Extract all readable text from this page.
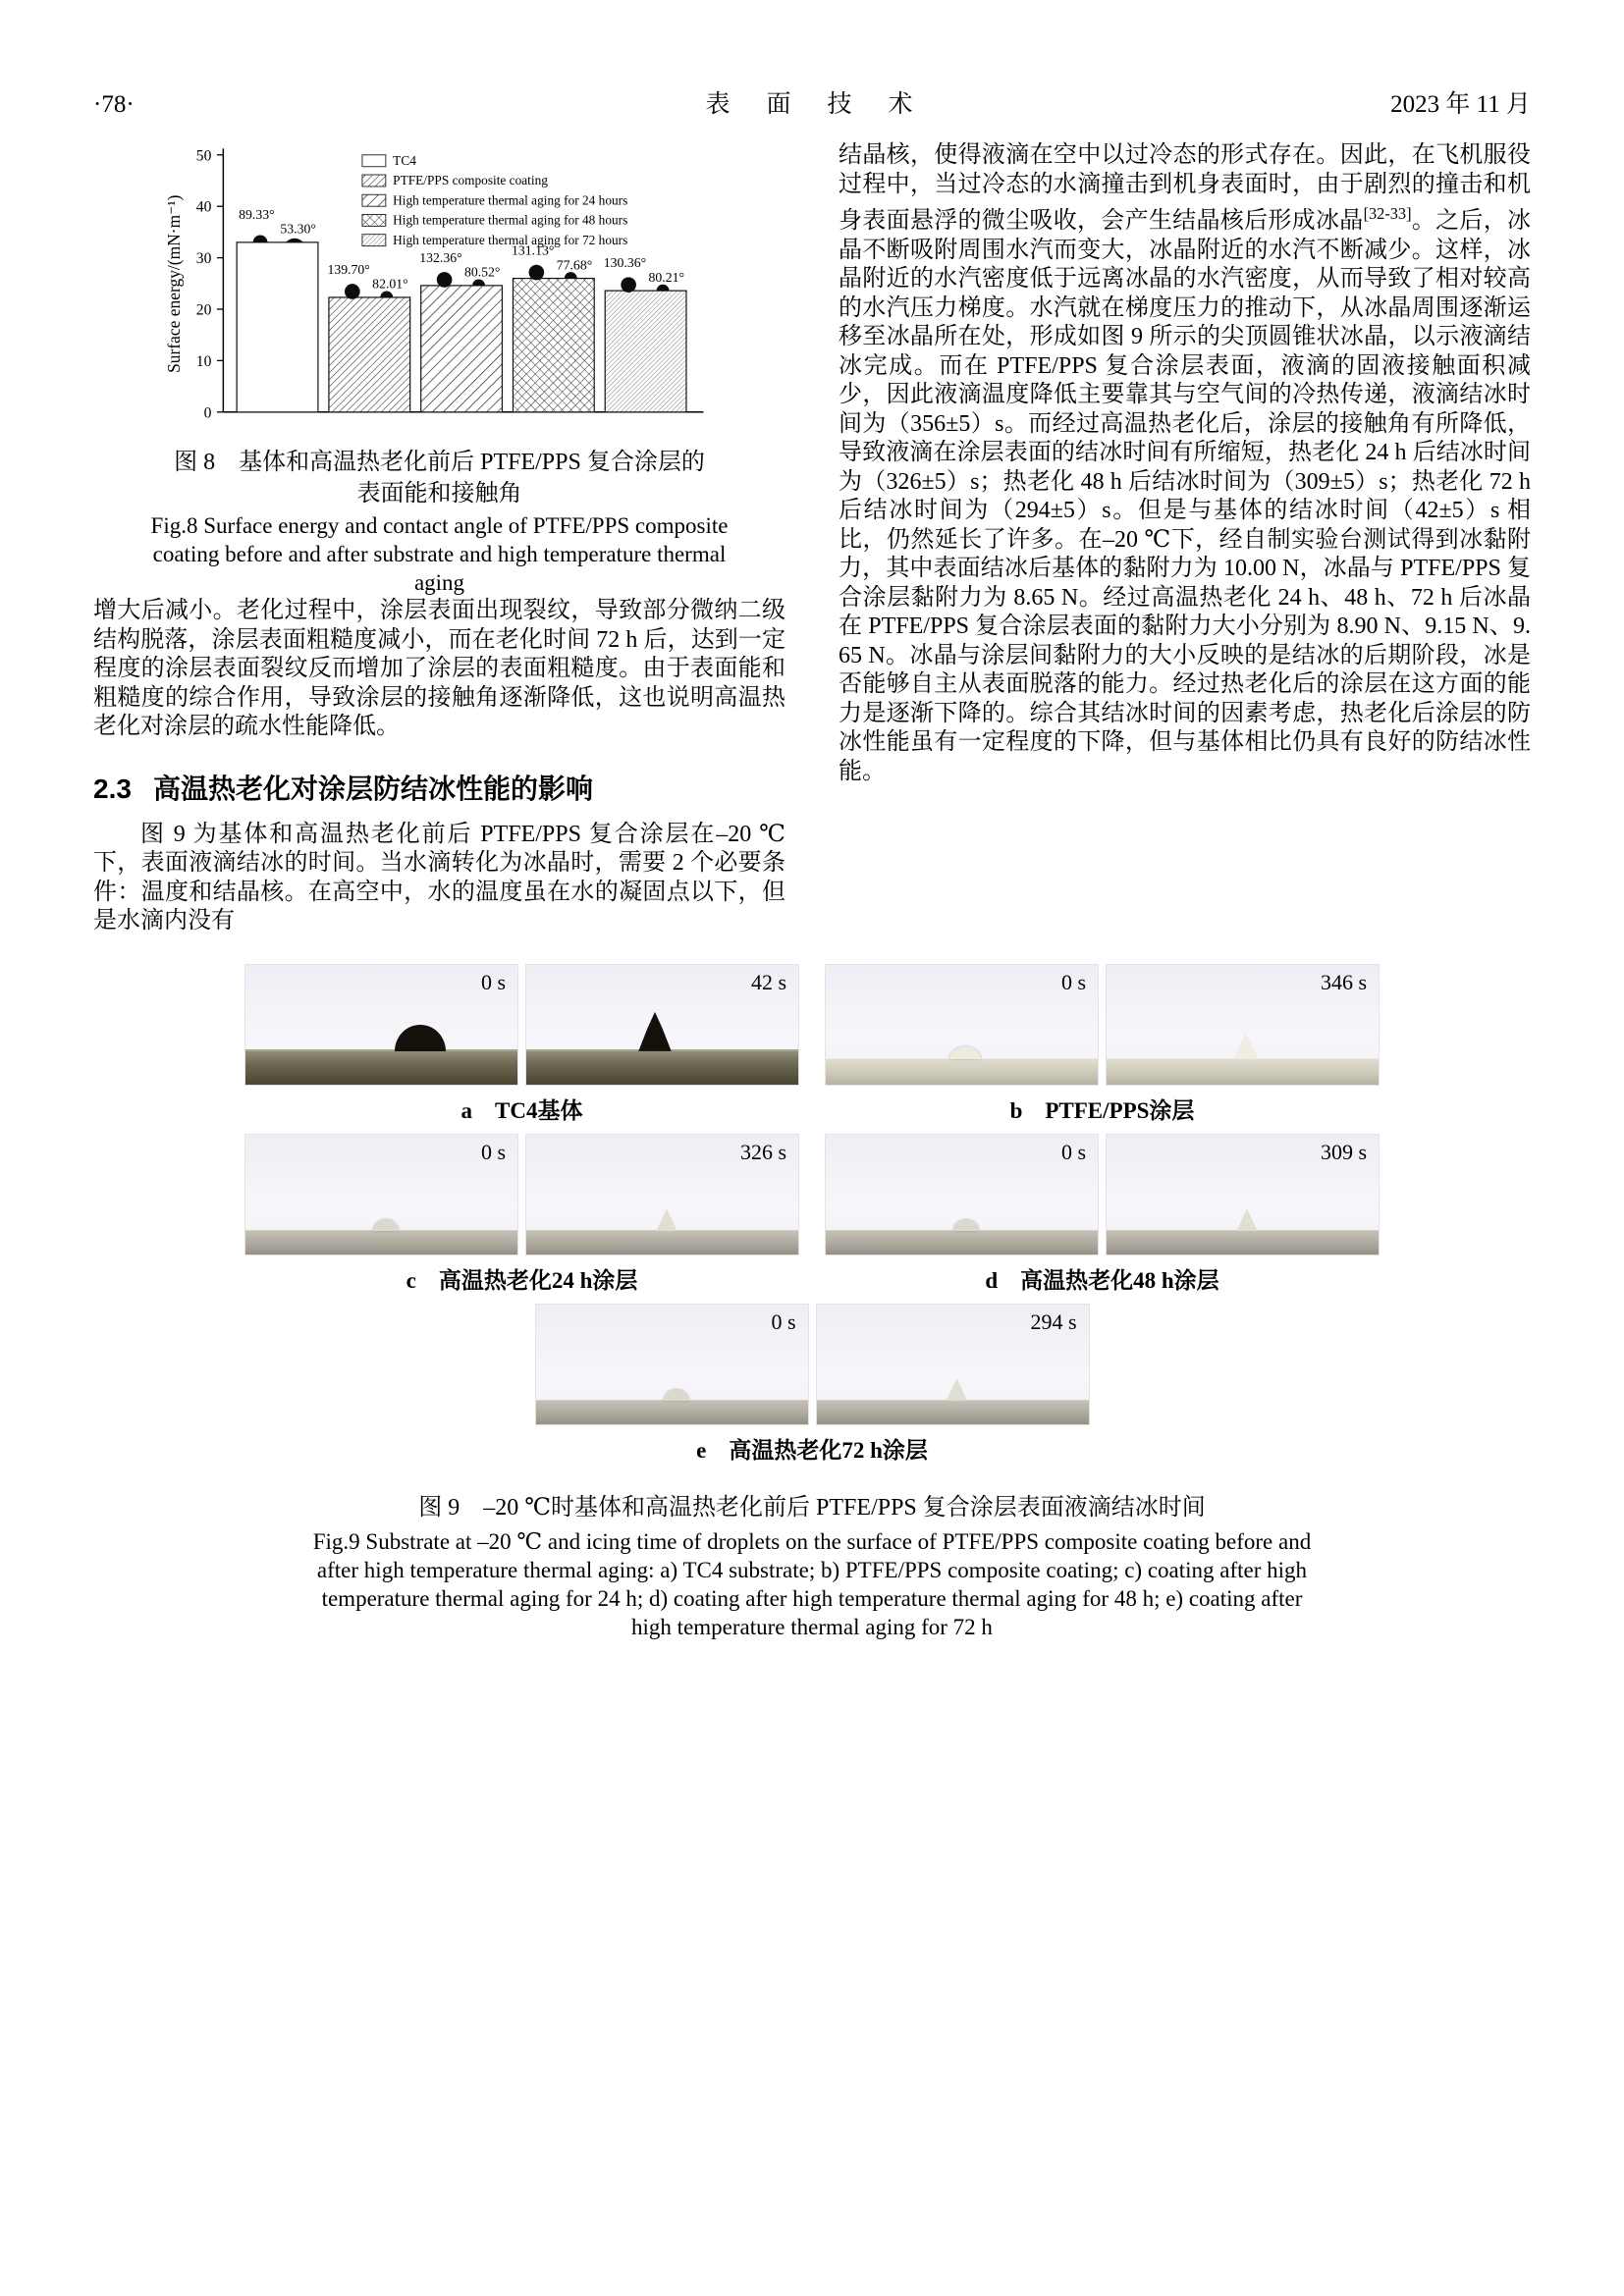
·78·	表　面　技　术	2023 年 11 月
0
10
20
30
40
50
Surface energy/(mN·m⁻¹)	89.33°
53.30°
139.70°
82.01°
132.36°
80.52°
131.13°
77.68° 130.36°
80.21°
TC4
PTFE/PPS composite coating
High temperature thermal aging for 24 hours
High temperature thermal aging for 48 hours
High temperature thermal aging for 72 hours
图 8　基体和高温热老化前后 PTFE/PPS 复合涂层的表面能和接触角
Fig.8 Surface energy and contact angle of PTFE/PPS composite coating before and after substrate and high temperature thermal aging

增大后减小。老化过程中，涂层表面出现裂纹，导致部分微纳二级结构脱落，涂层表面粗糙度减小，而在老化时间 72 h 后，达到一定程度的涂层表面裂纹反而增加了涂层的表面粗糙度。由于表面能和粗糙度的综合作用，导致涂层的接触角逐渐降低，这也说明高温热老化对涂层的疏水性能降低。

2.3 高温热老化对涂层防结冰性能的影响

图 9 为基体和高温热老化前后 PTFE/PPS 复合涂层在–20 ℃下，表面液滴结冰的时间。当水滴转化为冰晶时，需要 2 个必要条件：温度和结晶核。在高空中，水的温度虽在水的凝固点以下，但是水滴内没有

结晶核，使得液滴在空中以过冷态的形式存在。因此，在飞机服役过程中，当过冷态的水滴撞击到机身表面时，由于剧烈的撞击和机身表面悬浮的微尘吸收，会产生结晶核后形成冰晶[32-33]。之后，冰晶不断吸附周围水汽而变大，冰晶附近的水汽不断减少。这样，冰晶附近的水汽密度低于远离冰晶的水汽密度，从而导致了相对较高的水汽压力梯度。水汽就在梯度压力的推动下，从冰晶周围逐渐运移至冰晶所在处，形成如图 9 所示的尖顶圆锥状冰晶，以示液滴结冰完成。而在 PTFE/PPS 复合涂层表面，液滴的固液接触面积减少，因此液滴温度降低主要靠其与空气间的冷热传递，液滴结冰时间为（356±5）s。而经过高温热老化后，涂层的接触角有所降低，导致液滴在涂层表面的结冰时间有所缩短，热老化 24 h 后结冰时间为（326±5）s；热老化 48 h 后结冰时间为（309±5）s；热老化 72 h 后结冰时间为（294±5）s。但是与基体的结冰时间（42±5）s 相比，仍然延长了许多。在–20 ℃下，经自制实验台测试得到冰黏附力，其中表面结冰后基体的黏附力为 10.00 N，冰晶与 PTFE/PPS 复合涂层黏附力为 8.65 N。经过高温热老化 24 h、48 h、72 h 后冰晶在 PTFE/PPS 复合涂层表面的黏附力大小分别为 8.90 N、9.15 N、9.65 N。冰晶与涂层间黏附力的大小反映的是结冰的后期阶段，冰是否能够自主从表面脱落的能力。经过热老化后的涂层在这方面的能力是逐渐下降的。综合其结冰时间的因素考虑，热老化后涂层的防冰性能虽有一定程度的下降，但与基体相比仍具有良好的防结冰性能。

0 s	42 s
a　TC4基体
0 s	346 s
b　PTFE/PPS涂层
0 s	326 s
c　高温热老化24 h涂层
0 s	309 s
d　高温热老化48 h涂层
0 s	294 s
e　高温热老化72 h涂层
图 9　–20 ℃时基体和高温热老化前后 PTFE/PPS 复合涂层表面液滴结冰时间
Fig.9 Substrate at –20 ℃ and icing time of droplets on the surface of PTFE/PPS composite coating before and after high temperature thermal aging: a) TC4 substrate; b) PTFE/PPS composite coating; c) coating after high temperature thermal aging for 24 h; d) coating after high temperature thermal aging for 48 h; e) coating after high temperature thermal aging for 72 h
